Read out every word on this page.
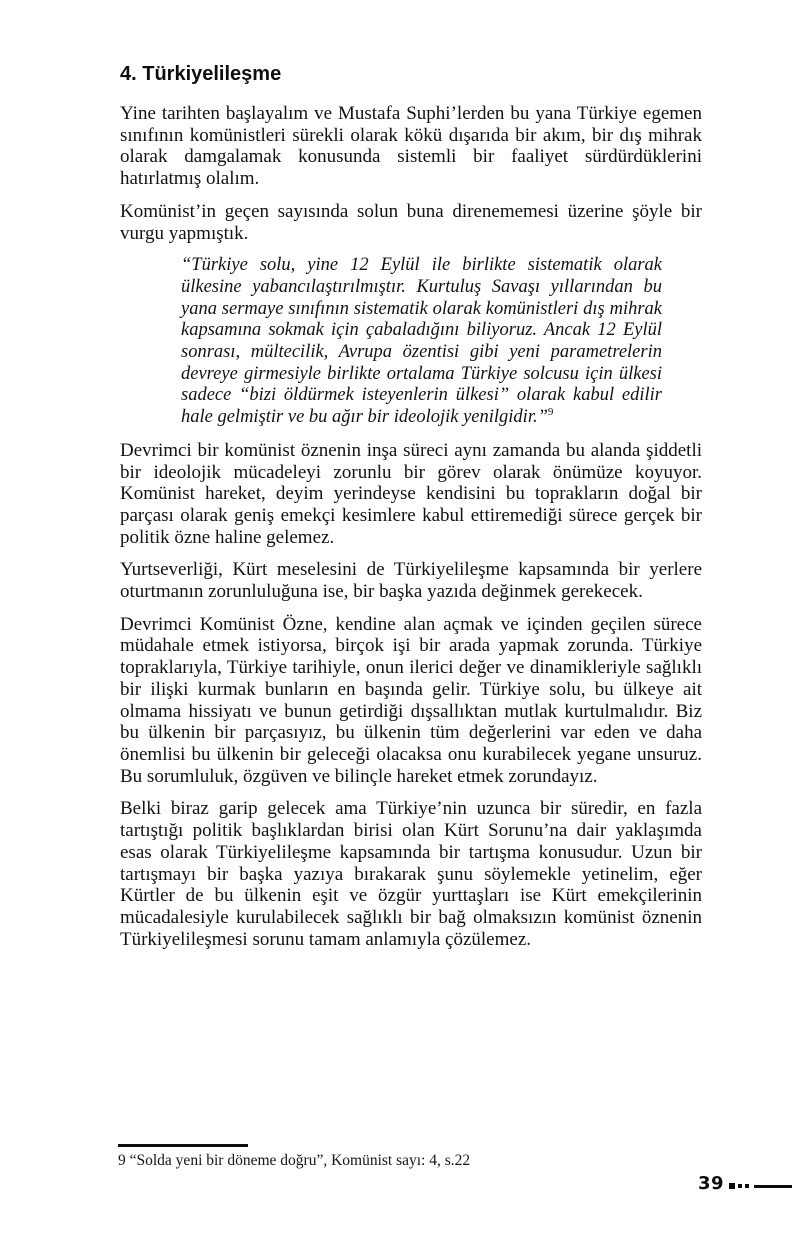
4. Türkiyelileşme

Yine tarihten başlayalım ve Mustafa Suphi’lerden bu yana Türkiye egemen sınıfının komünistleri sürekli olarak kökü dışarıda bir akım, bir dış mihrak olarak damgalamak konusunda sistemli bir faaliyet sürdürdüklerini hatırlatmış olalım.

Komünist’in geçen sayısında solun buna direnememesi üzerine şöyle bir vurgu yapmıştık.

“Türkiye solu, yine 12 Eylül ile birlikte sistematik olarak ülkesine yabancılaştırılmıştır. Kurtuluş Savaşı yıllarından bu yana sermaye sınıfının sistematik olarak komünistleri dış mihrak kapsamına sokmak için çabaladığını biliyoruz. Ancak 12 Eylül sonrası, mültecilik, Avrupa özentisi gibi yeni parametrelerin devreye girmesiyle birlikte ortalama Türkiye solcusu için ülkesi sadece “bizi öldürmek isteyenlerin ülkesi” olarak kabul edilir hale gelmiştir ve bu ağır bir ideolojik yenilgidir.”$^9$

Devrimci bir komünist öznenin inşa süreci aynı zamanda bu alanda şiddetli bir ideolojik mücadeleyi zorunlu bir görev olarak önümüze koyuyor. Komünist hareket, deyim yerindeyse kendisini bu toprakların doğal bir parçası olarak geniş emekçi kesimlere kabul ettiremediği sürece gerçek bir politik özne haline gelemez.

Yurtseverliği, Kürt meselesini de Türkiyelileşme kapsamında bir yerlere oturtmanın zorunluluğuna ise, bir başka yazıda değinmek gerekecek.

Devrimci Komünist Özne, kendine alan açmak ve içinden geçilen sürece müdahale etmek istiyorsa, birçok işi bir arada yapmak zorunda. Türkiye topraklarıyla, Türkiye tarihiyle, onun ilerici değer ve dinamikleriyle sağlıklı bir ilişki kurmak bunların en başında gelir. Türkiye solu, bu ülkeye ait olmama hissiyatı ve bunun getirdiği dışsallıktan mutlak kurtulmalıdır. Biz bu ülkenin bir parçasıyız, bu ülkenin tüm değerlerini var eden ve daha önemlisi bu ülkenin bir geleceği olacaksa onu kurabilecek yegane unsuruz. Bu sorumluluk, özgüven ve bilinçle hareket etmek zorundayız.

Belki biraz garip gelecek ama Türkiye’nin uzunca bir süredir, en fazla tartıştığı politik başlıklardan birisi olan Kürt Sorunu’na dair yaklaşımda esas olarak Türkiyelileşme kapsamında bir tartışma konusudur. Uzun bir tartışmayı bir başka yazıya bırakarak şunu söylemekle yetinelim, eğer Kürtler de bu ülkenin eşit ve özgür yurttaşları ise Kürt emekçilerinin mücadalesiyle kurulabilecek sağlıklı bir bağ olmaksızın komünist öznenin Türkiyelileşmesi sorunu tamam anlamıyla çözülemez.

9 “Solda yeni bir döneme doğru”, Komünist sayı: 4, s.22

39
